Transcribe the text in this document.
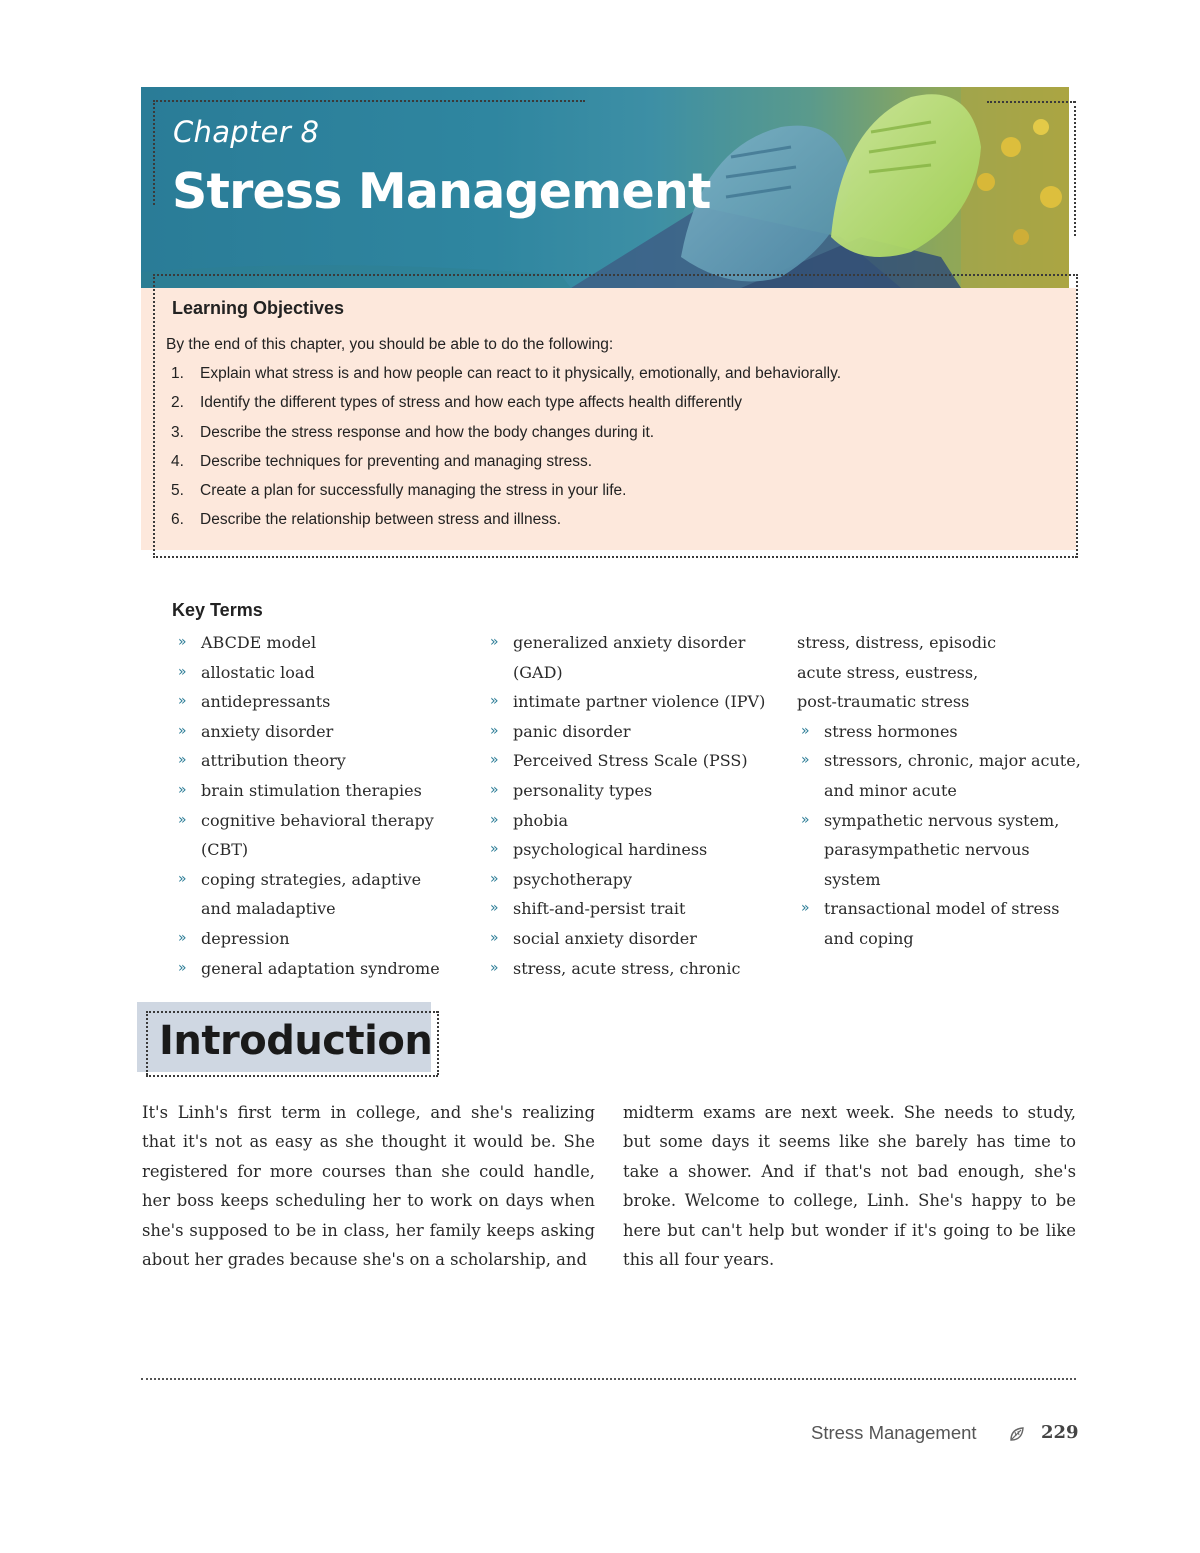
Chapter 8
Stress Management
Learning Objectives
By the end of this chapter, you should be able to do the following:
1. Explain what stress is and how people can react to it physically, emotionally, and behaviorally.
2. Identify the different types of stress and how each type affects health differently
3. Describe the stress response and how the body changes during it.
4. Describe techniques for preventing and managing stress.
5. Create a plan for successfully managing the stress in your life.
6. Describe the relationship between stress and illness.
Key Terms
» ABCDE model
» allostatic load
» antidepressants
» anxiety disorder
» attribution theory
» brain stimulation therapies
» cognitive behavioral therapy
(CBT)
» coping strategies, adaptive
and maladaptive
» depression
» general adaptation syndrome
» generalized anxiety disorder
(GAD)
» intimate partner violence (IPV)
» panic disorder
» Perceived Stress Scale (PSS)
» personality types
» phobia
» psychological hardiness
» psychotherapy
» shift-and-persist trait
» social anxiety disorder
» stress, acute stress, chronic
stress, distress, episodic
acute stress, eustress,
post-traumatic stress
» stress hormones
» stressors, chronic, major acute,
and minor acute
» sympathetic nervous system,
parasympathetic nervous
system
» transactional model of stress
and coping
Introduction

It's Linh's first term in college, and she's realizing that it's not as easy as she thought it would be. She registered for more courses than she could handle, her boss keeps scheduling her to work on days when she's supposed to be in class, her family keeps asking about her grades because she's on a scholarship, and

midterm exams are next week. She needs to study, but some days it seems like she barely has time to take a shower. And if that's not bad enough, she's broke. Welcome to college, Linh. She's happy to be here but can't help but wonder if it's going to be like this all four years.

Stress Management	229
